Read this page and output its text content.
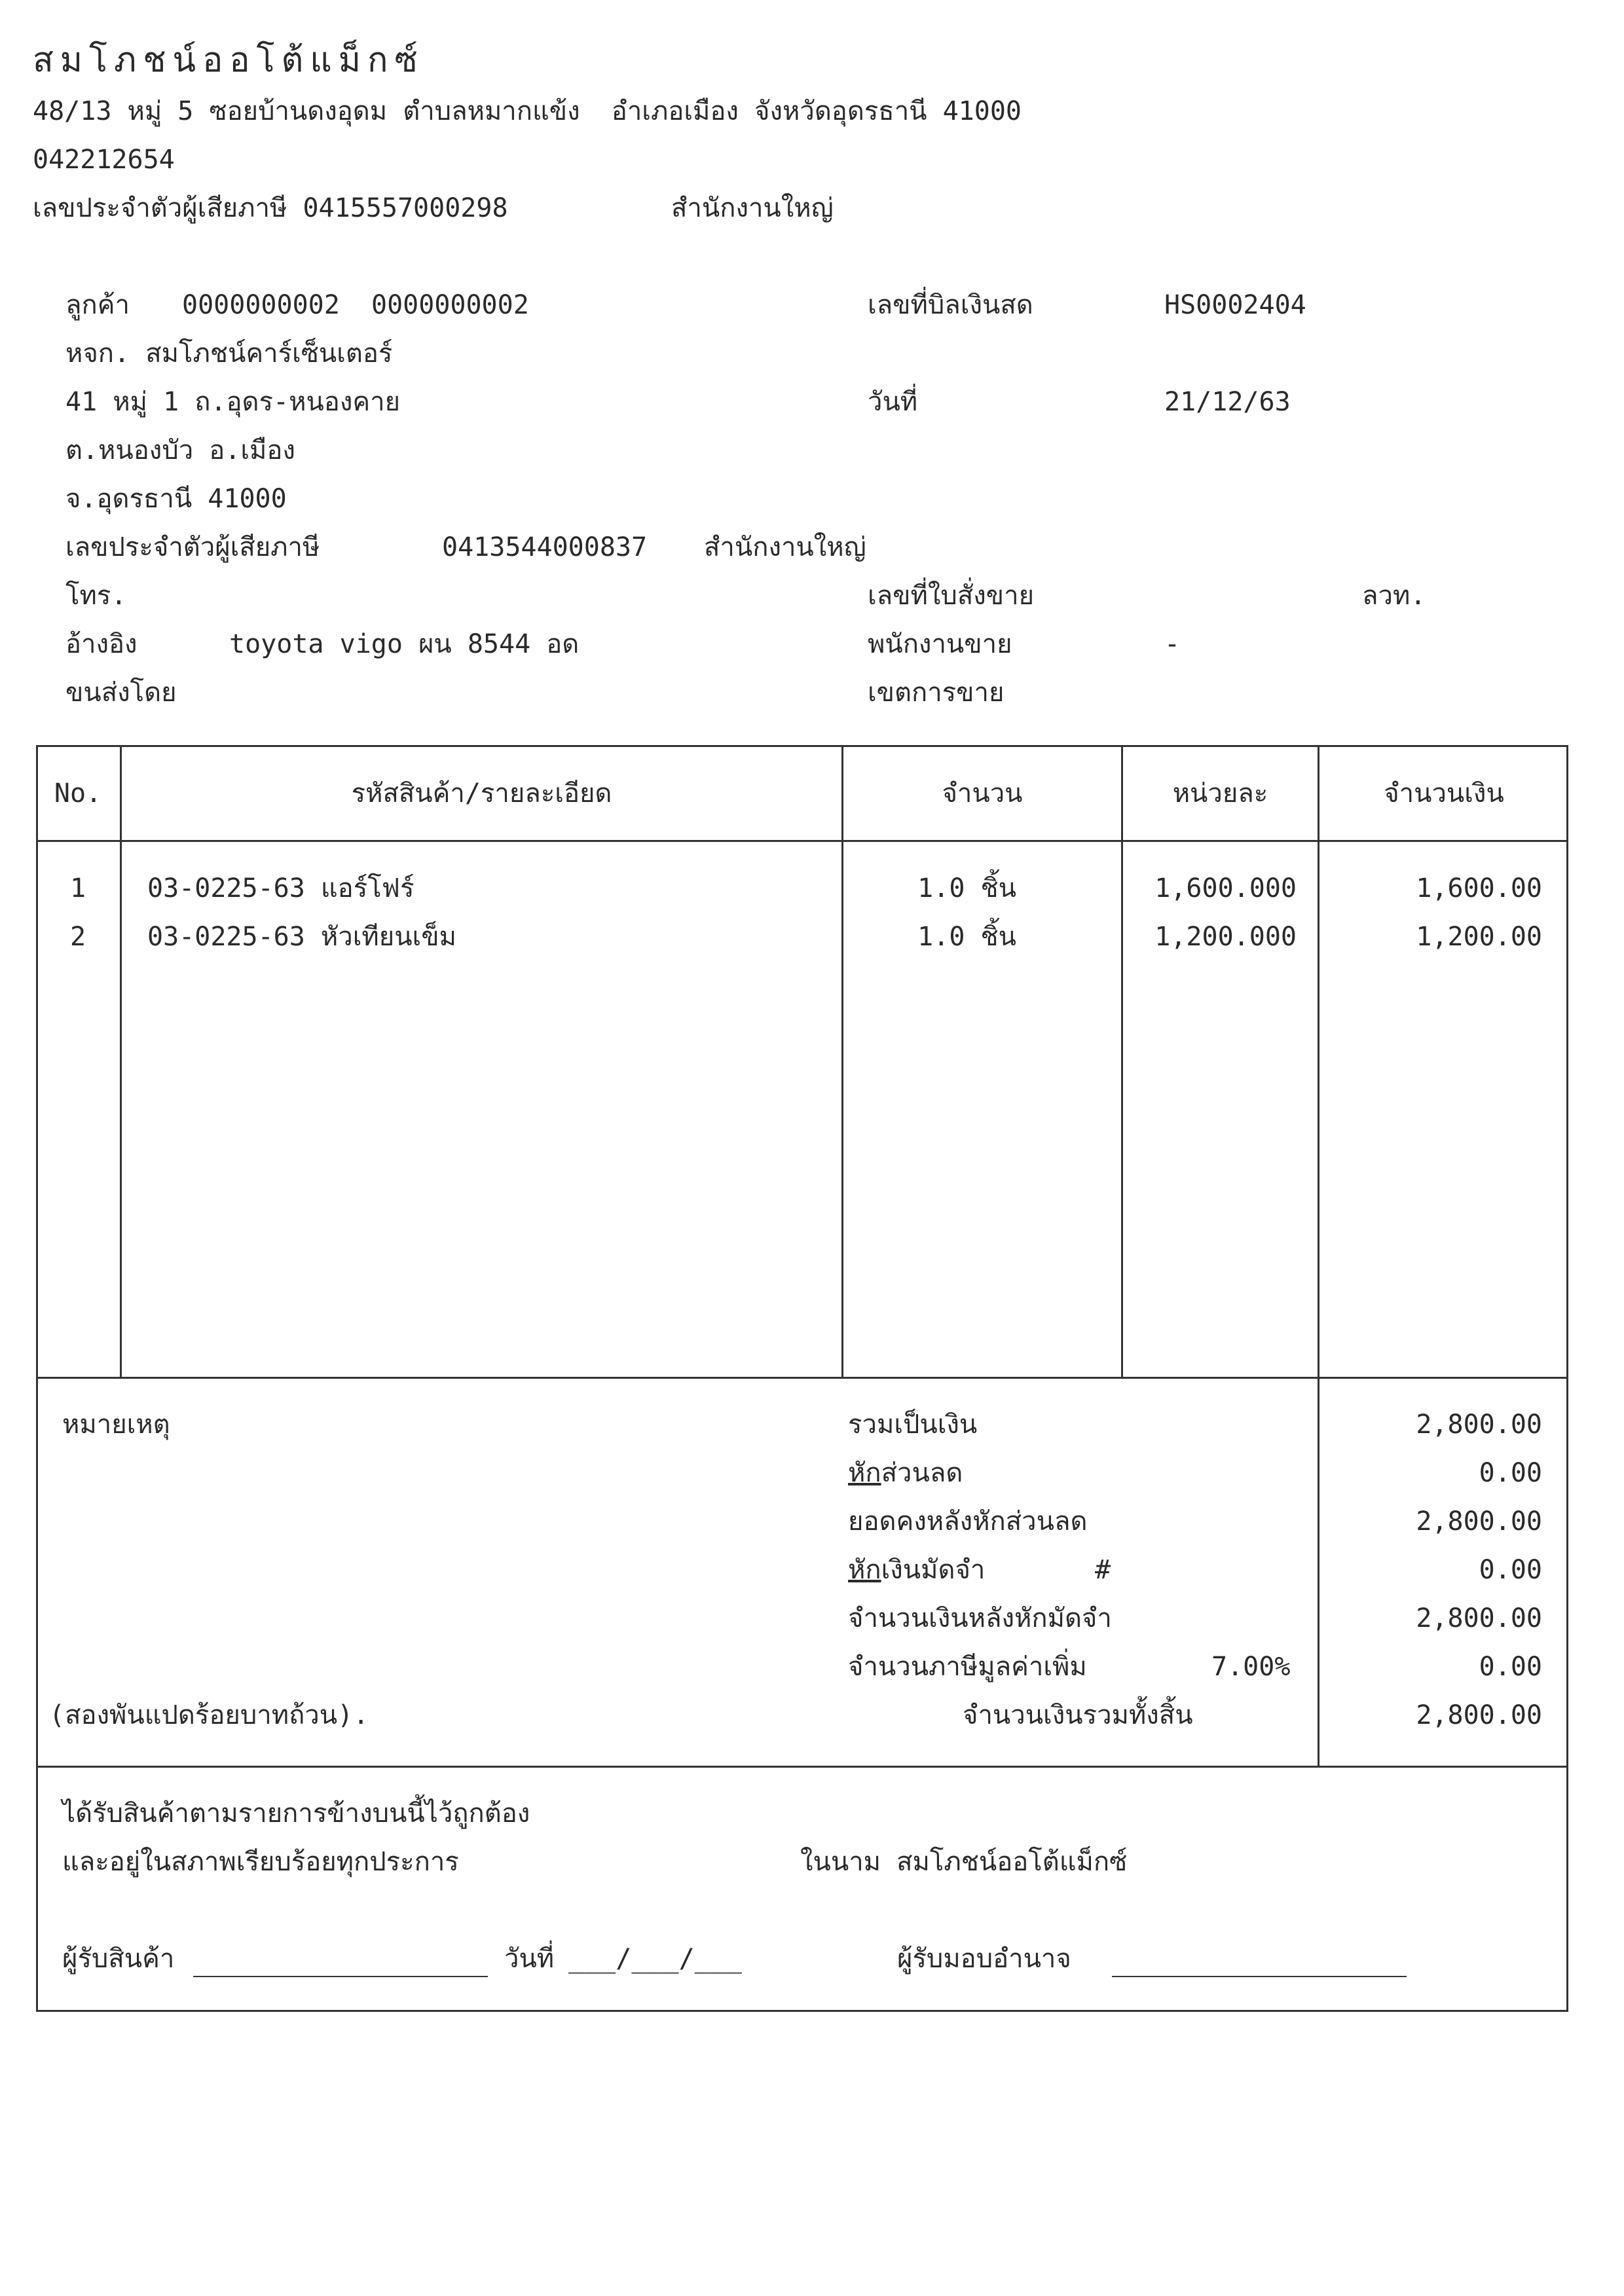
สมโภชน์ออโต้แม็กซ์
48/13 หมู่ 5 ซอยบ้านดงอุดม ตำบลหมากแข้ง  อำเภอเมือง จังหวัดอุดรธานี 41000
042212654
เลขประจำตัวผู้เสียภาษี 0415557000298	สำนักงานใหญ่
ลูกค้า 0000000002  0000000002
หจก. สมโภชน์คาร์เซ็นเตอร์
41 หมู่ 1 ถ.อุดร-หนองคาย
ต.หนองบัว อ.เมือง
จ.อุดรธานี 41000
เลขประจำตัวผู้เสียภาษี	0413544000837 สำนักงานใหญ่
โทร.
อ้างอิง	toyota vigo ผน 8544 อด
ขนส่งโดย
เลขที่บิลเงินสด	HS0002404
วันที่	21/12/63
เลขที่ใบสั่งขาย	ลวท.
พนักงานขาย	-
เขตการขาย
No.	รหัสสินค้า/รายละเอียด	จำนวน	หน่วยละ	จำนวนเงิน
1	03-0225-63 แอร์โฟร์	1.0 ชิ้น	1,600.000	1,600.00
2	03-0225-63 หัวเทียนเข็ม	1.0 ชิ้น	1,200.000	1,200.00
หมายเหตุ	รวมเป็นเงิน	2,800.00
หักส่วนลด	0.00
ยอดคงหลังหักส่วนลด	2,800.00
หักเงินมัดจำ	#	0.00
จำนวนเงินหลังหักมัดจำ	2,800.00
จำนวนภาษีมูลค่าเพิ่ม	7.00%	0.00
(สองพันแปดร้อยบาทถ้วน).	จำนวนเงินรวมทั้งสิ้น	2,800.00
ได้รับสินค้าตามรายการข้างบนนี้ไว้ถูกต้อง
และอยู่ในสภาพเรียบร้อยทุกประการ	ในนาม สมโภชน์ออโต้แม็กซ์
ผู้รับสินค้า	วันที่ ___/___/___	ผู้รับมอบอำนาจ
